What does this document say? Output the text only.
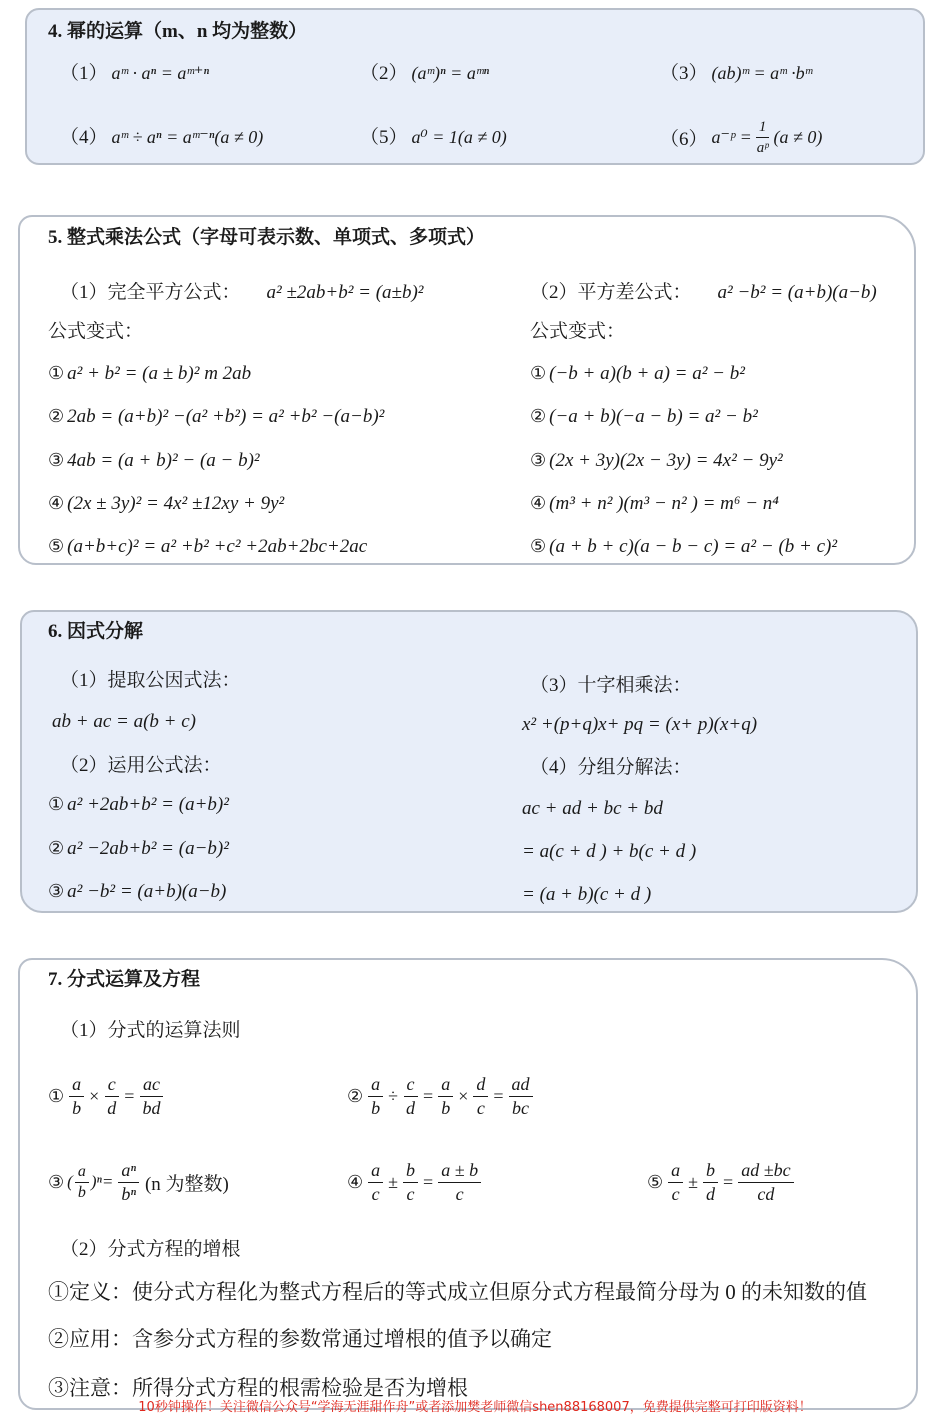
4. 幂的运算（m、n 均为整数）
（1） aᵐ · aⁿ = aᵐ⁺ⁿ	（2） (aᵐ)ⁿ = aᵐⁿ	（3） (ab)ᵐ = aᵐ ·bᵐ
（4） aᵐ ÷ aⁿ = aᵐ⁻ⁿ(a ≠ 0)	（5） a⁰ = 1(a ≠ 0)	（6） a⁻ᵖ = $\frac{1}{\text{aᵖ}} (a \ne 0)$
5. 整式乘法公式（字母可表示数、单项式、多项式）
（1）完全平方公式： a² ±2ab+b² = (a±b)²
公式变式：
① a² + b² = (a ± b)² m 2ab
② 2ab = (a+b)² −(a² +b²) = a² +b² −(a−b)²
③ 4ab = (a + b)² − (a − b)²
④ (2x ± 3y)² = 4x² ±12xy + 9y²
⑤ (a+b+c)² = a² +b² +c² +2ab+2bc+2ac
（2）平方差公式： a² −b² = (a+b)(a−b)
公式变式：
① (−b + a)(b + a) = a² − b²
② (−a + b)(−a − b) = a² − b²
③ (2x + 3y)(2x − 3y) = 4x² − 9y²
④ (m³ + n² )(m³ − n² ) = m⁶ − n⁴
⑤ (a + b + c)(a − b − c) = a² − (b + c)²
6. 因式分解
（1）提取公因式法：
ab + ac = a(b + c)
（2）运用公式法：
① a² +2ab+b² = (a+b)²
② a² −2ab+b² = (a−b)²
③ a² −b² = (a+b)(a−b)
（3）十字相乘法：
x² +(p+q)x+ pq = (x+ p)(x+q)
（4）分组分解法：
ac + ad + bc + bd
= a(c + d ) + b(c + d )
= (a + b)(c + d )
7. 分式运算及方程
（1）分式的运算法则
① $\frac{a}{b} \times \frac{c}{d} = \frac{ac}{bd}$	② $\frac{a}{b} \div \frac{c}{d} = \frac{a}{b} \times \frac{d}{c} = \frac{ad}{bc}$
③ ( $\frac{a}{b} )^n= \frac{\text{aⁿ}}{\text{bⁿ}} (n$ 为整数)	④ $\frac{a}{c} \pm \frac{b}{c} = \frac{a \pm b}{c}$	⑤ $\frac{a}{c} \pm \frac{b}{d} = \frac{ad \pm bc}{cd}$
（2）分式方程的增根
①定义：使分式方程化为整式方程后的等式成立但原分式方程最简分母为 0 的未知数的值
②应用：含参分式方程的参数常通过增根的值予以确定
③注意：所得分式方程的根需检验是否为增根
10秒钟操作！关注微信公众号“学海无涯甜作舟”或者添加樊老师微信shen88168007，免费提供完整可打印版资料！
